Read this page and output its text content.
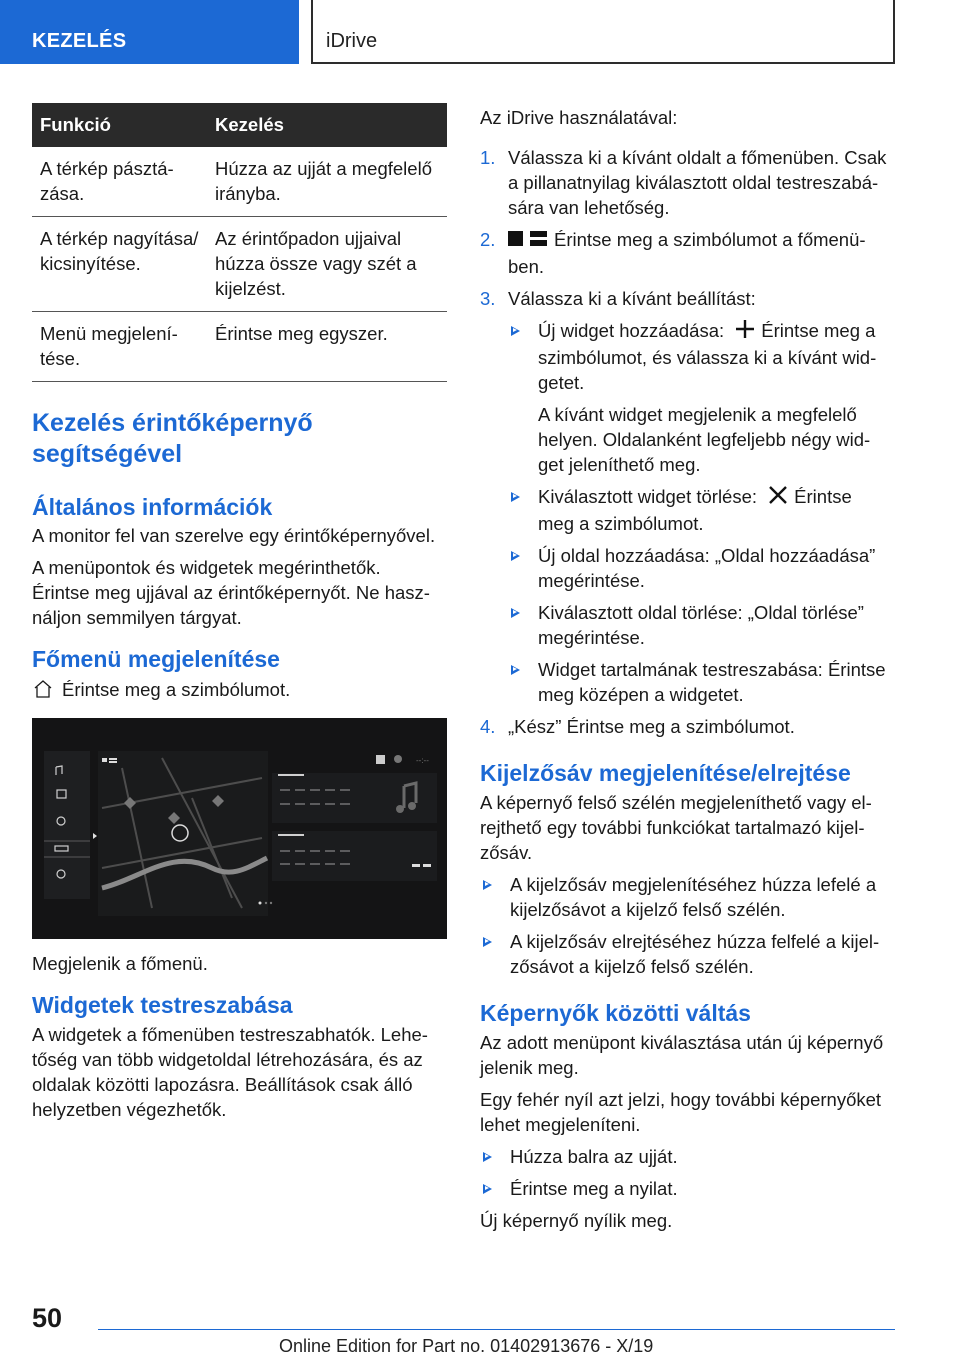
KEZELÉS	iDrive
Funkció	Kezelés
A térkép pásztá-
zása.	Húzza az ujját a megfelelő
irányba.
A térkép nagyítása/
kicsinyítése.	Az érintőpadon ujjaival
húzza össze vagy szét a
kijelzést.
Menü megjelení-
tése.	Érintse meg egyszer.
Kezelés érintőképernyő
segítségével
Általános információk

A monitor fel van szerelve egy érintőképernyővel.

A menüpontok és widgetek megérinthetők.
Érintse meg ujjával az érintőképernyőt. Ne hasz-
náljon semmilyen tárgyat.

Főmenü megjelenítése
Érintse meg a szimbólumot.
--:--

Megjelenik a főmenü.

Widgetek testreszabása

A widgetek a főmenüben testreszabhatók. Lehe-
tőség van több widgetoldal létrehozására, és az
oldalak közötti lapozásra. Beállítások csak álló
helyzetben végezhetők.

Az iDrive használatával:

1. Válassza ki a kívánt oldalt a főmenüben. Csak
a pillanatnyilag kiválasztott oldal testreszabá-
sára van lehetőség.
2.	Érintse meg a szimbólumot a főmenü-
ben.
3. Válassza ki a kívánt beállítást:
Új widget hozzáadása: Érintse meg a
szimbólumot, és válassza ki a kívánt wid-
getet.

A kívánt widget megjelenik a megfelelő
helyen. Oldalanként legfeljebb négy wid-
get jeleníthető meg.

Kiválasztott widget törlése: Érintse
meg a szimbólumot.
Új oldal hozzáadása: „Oldal hozzáadása”
megérintése.
Kiválasztott oldal törlése: „Oldal törlése”
megérintése.
Widget tartalmának testreszabása: Érintse
meg középen a widgetet.
4. „Kész” Érintse meg a szimbólumot.
Kijelzősáv megjelenítése/elrejtése

A képernyő felső szélén megjeleníthető vagy el-
rejthető egy további funkciókat tartalmazó kijel-
zősáv.

A kijelzősáv megjelenítéséhez húzza lefelé a
kijelzősávot a kijelző felső szélén.
A kijelzősáv elrejtéséhez húzza felfelé a kijel-
zősávot a kijelző felső szélén.
Képernyők közötti váltás

Az adott menüpont kiválasztása után új képernyő
jelenik meg.

Egy fehér nyíl azt jelzi, hogy további képernyőket
lehet megjeleníteni.

Húzza balra az ujját.
Érintse meg a nyilat.

Új képernyő nyílik meg.

50
Online Edition for Part no. 01402913676 - X/19
